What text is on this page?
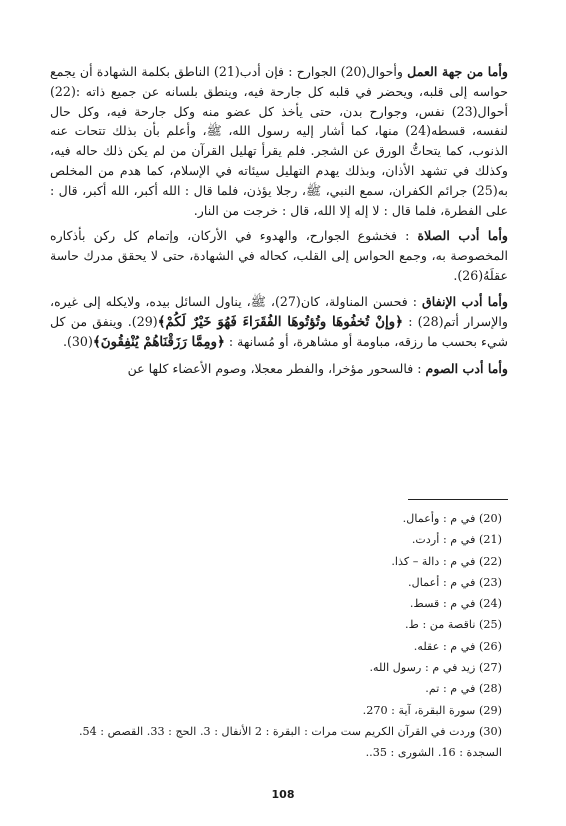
وأما من جهة العمل وأحوال(20) الجوارح : فإن أدب(21) الناطق بكلمة الشهادة أن يجمع حواسه إلى قلبه، ويحضر في قلبه كل جارحة فيه، وينطق بلسانه عن جميع ذاته :(22) أحوال(23) نفس، وجوارح بدن، حتى يأخذ كل عضو منه وكل جارحة فيه، وكل حال لنفسه، قسطه(24) منها، كما أشار إليه رسول الله، ﷺ، وأعلم بأن بذلك تتحات عنه الذنوب، كما يتحاتُّ الورق عن الشجر. فلم يقرأ تهليل القرآن من لم يكن ذلك حاله فيه، وكذلك في تشهد الأذان، وبذلك يهدم التهليل سيئاته في الإسلام، كما هدم من المخلص به(25) جرائم الكفران، سمع النبي، ﷺ، رجلا يؤذن، فلما قال : الله أكبر، الله أكبر، قال : على الفطرة، فلما قال : لا إله إلا الله، قال : خرجت من النار.

وأما أدب الصلاة : فخشوع الجوارح، والهدوء في الأركان، وإتمام كل ركن بأذكاره المخصوصة به، وجمع الحواس إلى القلب، كحاله في الشهادة، حتى لا يحقق مدرك حاسة عقلَهُ(26).

وأما أدب الإنفاق : فحسن المناولة، كان(27)، ﷺ، يناول السائل بيده، ولايكله إلى غيره، والإسرار أتم(28) : ﴿وإنْ تُخفُوهَا وتُؤتُوهَا الفُقَرَاءَ فَهُوَ خَيْرٌ لَكُمْ﴾(29). وينفق من كل شيء بحسب ما رزقه، مباومة أو مشاهرة، أو مُسانهة : ﴿ومِمَّا رَزَقْنَاهُمْ يُنْفِقُونَ﴾(30).

وأما أدب الصوم : فالسحور مؤخرا، والفطر معجلا، وصوم الأعضاء كلها عن

(20) في م : وأعمال.
(21) في م : أردت.
(22) في م : دالة – كذا.
(23) في م : أعمال.
(24) في م : قسط.
(25) ناقصة من : ط.
(26) في م : عقله.
(27) زيد في م : رسول الله.
(28) في م : تم.
(29) سورة البقرة، آية : 270.
(30) وردت في القرآن الكريم ست مرات : البقرة : 2 الأنفال : 3. الحج : 33. القصص : 54. السجدة : 16. الشورى : 35..
108
